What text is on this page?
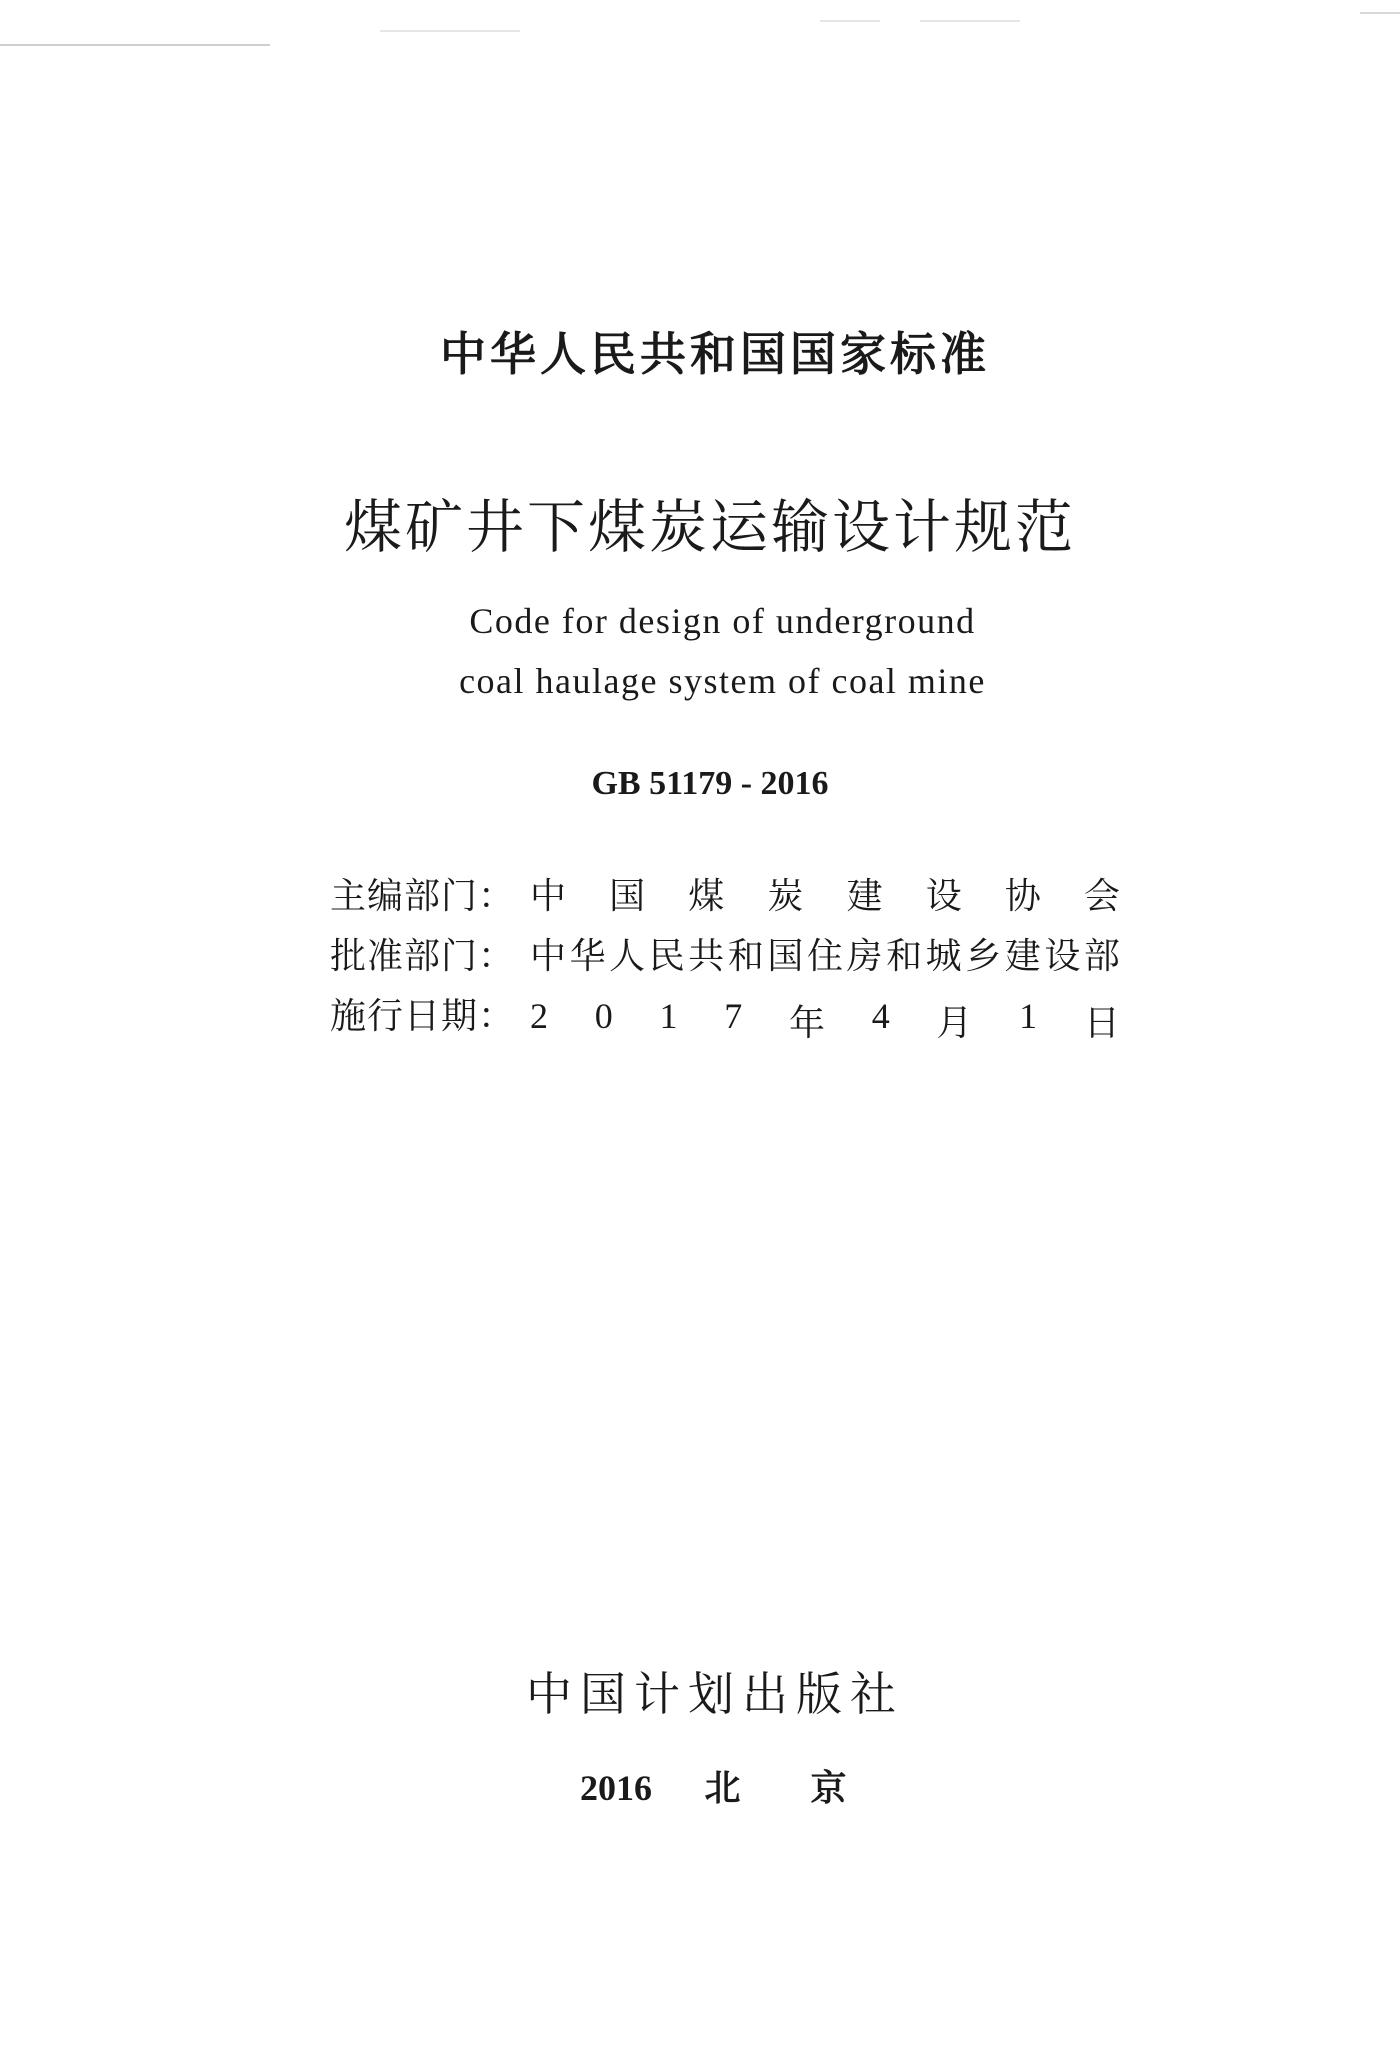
中华人民共和国国家标准
煤矿井下煤炭运输设计规范
Code for design of underground
coal haulage system of coal mine
GB 51179 - 2016
主编部门： 中 国 煤 炭 建 设 协 会
批准部门： 中 华 人 民 共 和 国 住 房 和 城 乡 建 设 部
施行日期： 2 0 1 7 年 4 月 1 日
中国计划出版社
2016 北京
